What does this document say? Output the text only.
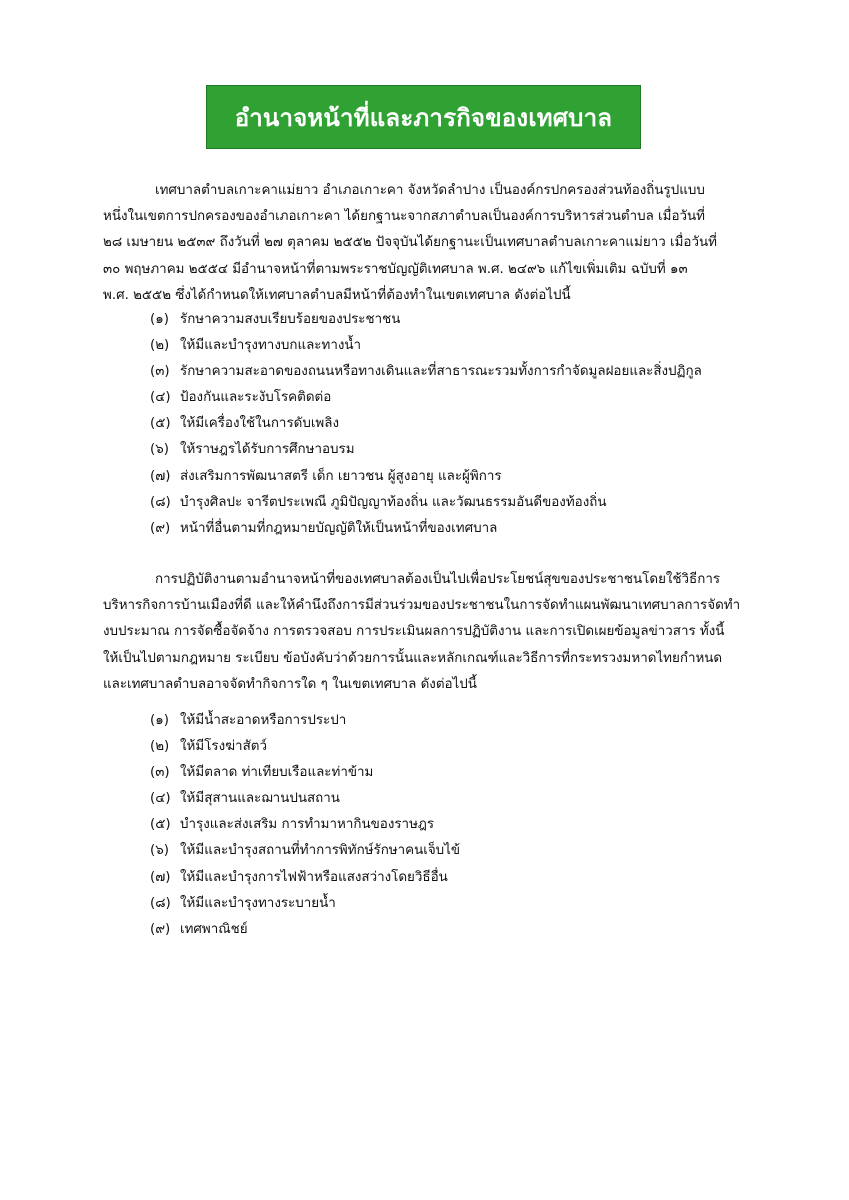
อำนาจหน้าที่และภารกิจของเทศบาล

เทศบาลตำบลเกาะคาแม่ยาว อำเภอเกาะคา จังหวัดลำปาง เป็นองค์กรปกครองส่วนท้องถิ่นรูปแบบ
หนึ่งในเขตการปกครองของอำเภอเกาะคา ได้ยกฐานะจากสภาตำบลเป็นองค์การบริหารส่วนตำบล เมื่อวันที่
๒๘ เมษายน ๒๕๓๙ ถึงวันที่ ๒๗ ตุลาคม ๒๕๕๒ ปัจจุบันได้ยกฐานะเป็นเทศบาลตำบลเกาะคาแม่ยาว เมื่อวันที่
๓๐ พฤษภาคม ๒๕๕๔ มีอำนาจหน้าที่ตามพระราชบัญญัติเทศบาล พ.ศ. ๒๔๙๖ แก้ไขเพิ่มเติม ฉบับที่ ๑๓
พ.ศ. ๒๕๕๒ ซึ่งได้กำหนดให้เทศบาลตำบลมีหน้าที่ต้องทำในเขตเทศบาล ดังต่อไปนี้

(๑) รักษาความสงบเรียบร้อยของประชาชน
(๒) ให้มีและบำรุงทางบกและทางน้ำ
(๓) รักษาความสะอาดของถนนหรือทางเดินและที่สาธารณะรวมทั้งการกำจัดมูลฝอยและสิ่งปฏิกูล
(๔) ป้องกันและระงับโรคติดต่อ
(๕) ให้มีเครื่องใช้ในการดับเพลิง
(๖) ให้ราษฎรได้รับการศึกษาอบรม
(๗) ส่งเสริมการพัฒนาสตรี เด็ก เยาวชน ผู้สูงอายุ และผู้พิการ
(๘) บำรุงศิลปะ จารีตประเพณี ภูมิปัญญาท้องถิ่น และวัฒนธรรมอันดีของท้องถิ่น
(๙) หน้าที่อื่นตามที่กฎหมายบัญญัติให้เป็นหน้าที่ของเทศบาล

การปฏิบัติงานตามอำนาจหน้าที่ของเทศบาลต้องเป็นไปเพื่อประโยชน์สุขของประชาชนโดยใช้วิธีการ
บริหารกิจการบ้านเมืองที่ดี และให้คำนึงถึงการมีส่วนร่วมของประชาชนในการจัดทำแผนพัฒนาเทศบาลการจัดทำ
งบประมาณ การจัดซื้อจัดจ้าง การตรวจสอบ การประเมินผลการปฏิบัติงาน และการเปิดเผยข้อมูลข่าวสาร ทั้งนี้
ให้เป็นไปตามกฎหมาย ระเบียบ ข้อบังคับว่าด้วยการนั้นและหลักเกณฑ์และวิธีการที่กระทรวงมหาดไทยกำหนด
และเทศบาลตำบลอาจจัดทำกิจการใด ๆ ในเขตเทศบาล ดังต่อไปนี้

(๑) ให้มีน้ำสะอาดหรือการประปา
(๒) ให้มีโรงฆ่าสัตว์
(๓) ให้มีตลาด ท่าเทียบเรือและท่าข้าม
(๔) ให้มีสุสานและฌานปนสถาน
(๕) บำรุงและส่งเสริม การทำมาหากินของราษฎร
(๖) ให้มีและบำรุงสถานที่ทำการพิทักษ์รักษาคนเจ็บไข้
(๗) ให้มีและบำรุงการไฟฟ้าหรือแสงสว่างโดยวิธีอื่น
(๘) ให้มีและบำรุงทางระบายน้ำ
(๙) เทศพาณิชย์
